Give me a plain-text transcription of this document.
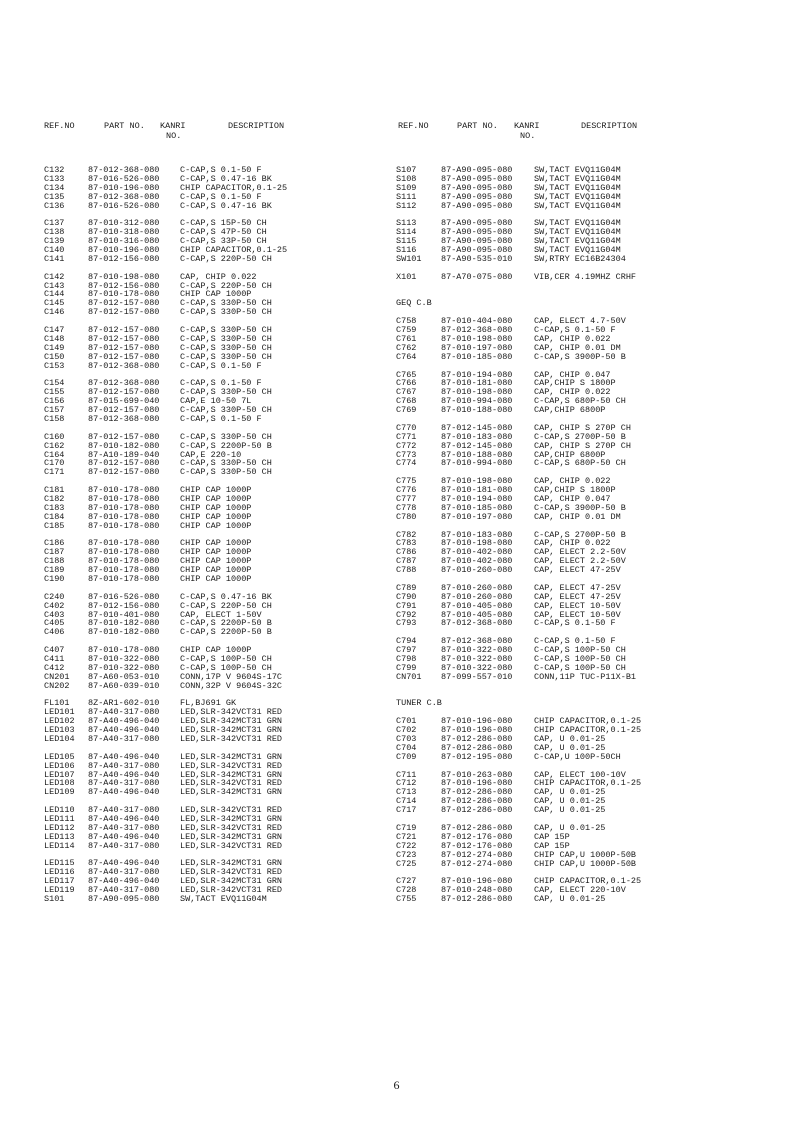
REF.NO	PART NO. KANRI
NO.
DESCRIPTION	REF.NO	PART NO. KANRI
NO.
DESCRIPTION
C132	87-012-368-080 C-CAP,S 0.1-50 F
C133	87-016-526-080 C-CAP,S 0.47-16 BK
C134	87-010-196-080 CHIP CAPACITOR,0.1-25
C135	87-012-368-080 C-CAP,S 0.1-50 F
C136	87-016-526-080 C-CAP,S 0.47-16 BK
C137	87-010-312-080 C-CAP,S 15P-50 CH
C138	87-010-318-080 C-CAP,S 47P-50 CH
C139	87-010-316-080 C-CAP,S 33P-50 CH
C140	87-010-196-080 CHIP CAPACITOR,0.1-25
C141	87-012-156-080 C-CAP,S 220P-50 CH
C142	87-010-198-080 CAP, CHIP 0.022
C143	87-012-156-080 C-CAP,S 220P-50 CH
C144	87-010-178-080 CHIP CAP 1000P
C145	87-012-157-080 C-CAP,S 330P-50 CH
C146	87-012-157-080 C-CAP,S 330P-50 CH
C147	87-012-157-080 C-CAP,S 330P-50 CH
C148	87-012-157-080 C-CAP,S 330P-50 CH
C149	87-012-157-080 C-CAP,S 330P-50 CH
C150	87-012-157-080 C-CAP,S 330P-50 CH
C153	87-012-368-080 C-CAP,S 0.1-50 F
C154	87-012-368-080 C-CAP,S 0.1-50 F
C155	87-012-157-080 C-CAP,S 330P-50 CH
C156	87-015-699-040 CAP,E 10-50 7L
C157	87-012-157-080 C-CAP,S 330P-50 CH
C158	87-012-368-080 C-CAP,S 0.1-50 F
C160	87-012-157-080 C-CAP,S 330P-50 CH
C162	87-010-182-080 C-CAP,S 2200P-50 B
C164	87-A10-189-040 CAP,E 220-10
C170	87-012-157-080 C-CAP,S 330P-50 CH
C171	87-012-157-080 C-CAP,S 330P-50 CH
C181	87-010-178-080 CHIP CAP 1000P
C182	87-010-178-080 CHIP CAP 1000P
C183	87-010-178-080 CHIP CAP 1000P
C184	87-010-178-080 CHIP CAP 1000P
C185	87-010-178-080 CHIP CAP 1000P
C186	87-010-178-080 CHIP CAP 1000P
C187	87-010-178-080 CHIP CAP 1000P
C188	87-010-178-080 CHIP CAP 1000P
C189	87-010-178-080 CHIP CAP 1000P
C190	87-010-178-080 CHIP CAP 1000P
C240	87-016-526-080 C-CAP,S 0.47-16 BK
C402	87-012-156-080 C-CAP,S 220P-50 CH
C403	87-010-401-080 CAP, ELECT 1-50V
C405	87-010-182-080 C-CAP,S 2200P-50 B
C406	87-010-182-080 C-CAP,S 2200P-50 B
C407	87-010-178-080 CHIP CAP 1000P
C411	87-010-322-080 C-CAP,S 100P-50 CH
C412	87-010-322-080 C-CAP,S 100P-50 CH
CN201 87-A60-053-010 CONN,17P V 9604S-17C
CN202 87-A60-039-010 CONN,32P V 9604S-32C
FL101 8Z-AR1-602-010 FL,BJ691 GK
LED101 87-A40-317-080 LED,SLR-342VCT31 RED
LED102 87-A40-496-040 LED,SLR-342MCT31 GRN
LED103 87-A40-496-040 LED,SLR-342MCT31 GRN
LED104 87-A40-317-080 LED,SLR-342VCT31 RED
LED105 87-A40-496-040 LED,SLR-342MCT31 GRN
LED106 87-A40-317-080 LED,SLR-342VCT31 RED
LED107 87-A40-496-040 LED,SLR-342MCT31 GRN
LED108 87-A40-317-080 LED,SLR-342VCT31 RED
LED109 87-A40-496-040 LED,SLR-342MCT31 GRN
LED110 87-A40-317-080 LED,SLR-342VCT31 RED
LED111 87-A40-496-040 LED,SLR-342MCT31 GRN
LED112 87-A40-317-080 LED,SLR-342VCT31 RED
LED113 87-A40-496-040 LED,SLR-342MCT31 GRN
LED114 87-A40-317-080 LED,SLR-342VCT31 RED
LED115 87-A40-496-040 LED,SLR-342MCT31 GRN
LED116 87-A40-317-080 LED,SLR-342VCT31 RED
LED117 87-A40-496-040 LED,SLR-342MCT31 GRN
LED119 87-A40-317-080 LED,SLR-342VCT31 RED
S101	87-A90-095-080 SW,TACT EVQ11G04M
S107	87-A90-095-080	SW,TACT EVQ11G04M
S108	87-A90-095-080	SW,TACT EVQ11G04M
S109	87-A90-095-080	SW,TACT EVQ11G04M
S111	87-A90-095-080	SW,TACT EVQ11G04M
S112	87-A90-095-080	SW,TACT EVQ11G04M
S113	87-A90-095-080	SW,TACT EVQ11G04M
S114	87-A90-095-080	SW,TACT EVQ11G04M
S115	87-A90-095-080	SW,TACT EVQ11G04M
S116	87-A90-095-080	SW,TACT EVQ11G04M
SW101 87-A90-535-010	SW,RTRY EC16B24304
X101	87-A70-075-080	VIB,CER 4.19MHZ CRHF
GEQ C.B
C758	87-010-404-080	CAP, ELECT 4.7-50V
C759	87-012-368-080	C-CAP,S 0.1-50 F
C761	87-010-198-080	CAP, CHIP 0.022
C762	87-010-197-080	CAP, CHIP 0.01 DM
C764	87-010-185-080	C-CAP,S 3900P-50 B
C765	87-010-194-080	CAP, CHIP 0.047
C766	87-010-181-080	CAP,CHIP S 1800P
C767	87-010-198-080	CAP, CHIP 0.022
C768	87-010-994-080	C-CAP,S 680P-50 CH
C769	87-010-188-080	CAP,CHIP 6800P
C770	87-012-145-080	CAP, CHIP S 270P CH
C771	87-010-183-080	C-CAP,S 2700P-50 B
C772	87-012-145-080	CAP, CHIP S 270P CH
C773	87-010-188-080	CAP,CHIP 6800P
C774	87-010-994-080	C-CAP,S 680P-50 CH
C775	87-010-198-080	CAP, CHIP 0.022
C776	87-010-181-080	CAP,CHIP S 1800P
C777	87-010-194-080	CAP, CHIP 0.047
C778	87-010-185-080	C-CAP,S 3900P-50 B
C780	87-010-197-080	CAP, CHIP 0.01 DM
C782	87-010-183-080	C-CAP,S 2700P-50 B
C783	87-010-198-080	CAP, CHIP 0.022
C786	87-010-402-080	CAP, ELECT 2.2-50V
C787	87-010-402-080	CAP, ELECT 2.2-50V
C788	87-010-260-080	CAP, ELECT 47-25V
C789	87-010-260-080	CAP, ELECT 47-25V
C790	87-010-260-080	CAP, ELECT 47-25V
C791	87-010-405-080	CAP, ELECT 10-50V
C792	87-010-405-080	CAP, ELECT 10-50V
C793	87-012-368-080	C-CAP,S 0.1-50 F
C794	87-012-368-080	C-CAP,S 0.1-50 F
C797	87-010-322-080	C-CAP,S 100P-50 CH
C798	87-010-322-080	C-CAP,S 100P-50 CH
C799	87-010-322-080	C-CAP,S 100P-50 CH
CN701 87-099-557-010	CONN,11P TUC-P11X-B1
TUNER C.B
C701	87-010-196-080	CHIP CAPACITOR,0.1-25
C702	87-010-196-080	CHIP CAPACITOR,0.1-25
C703	87-012-286-080	CAP, U 0.01-25
C704	87-012-286-080	CAP, U 0.01-25
C709	87-012-195-080	C-CAP,U 100P-50CH
C711	87-010-263-080	CAP, ELECT 100-10V
C712	87-010-196-080	CHIP CAPACITOR,0.1-25
C713	87-012-286-080	CAP, U 0.01-25
C714	87-012-286-080	CAP, U 0.01-25
C717	87-012-286-080	CAP, U 0.01-25
C719	87-012-286-080	CAP, U 0.01-25
C721	87-012-176-080	CAP 15P
C722	87-012-176-080	CAP 15P
C723	87-012-274-080	CHIP CAP,U 1000P-50B
C725	87-012-274-080	CHIP CAP,U 1000P-50B
C727	87-010-196-080	CHIP CAPACITOR,0.1-25
C728	87-010-248-080	CAP, ELECT 220-10V
C755	87-012-286-080	CAP, U 0.01-25
6
